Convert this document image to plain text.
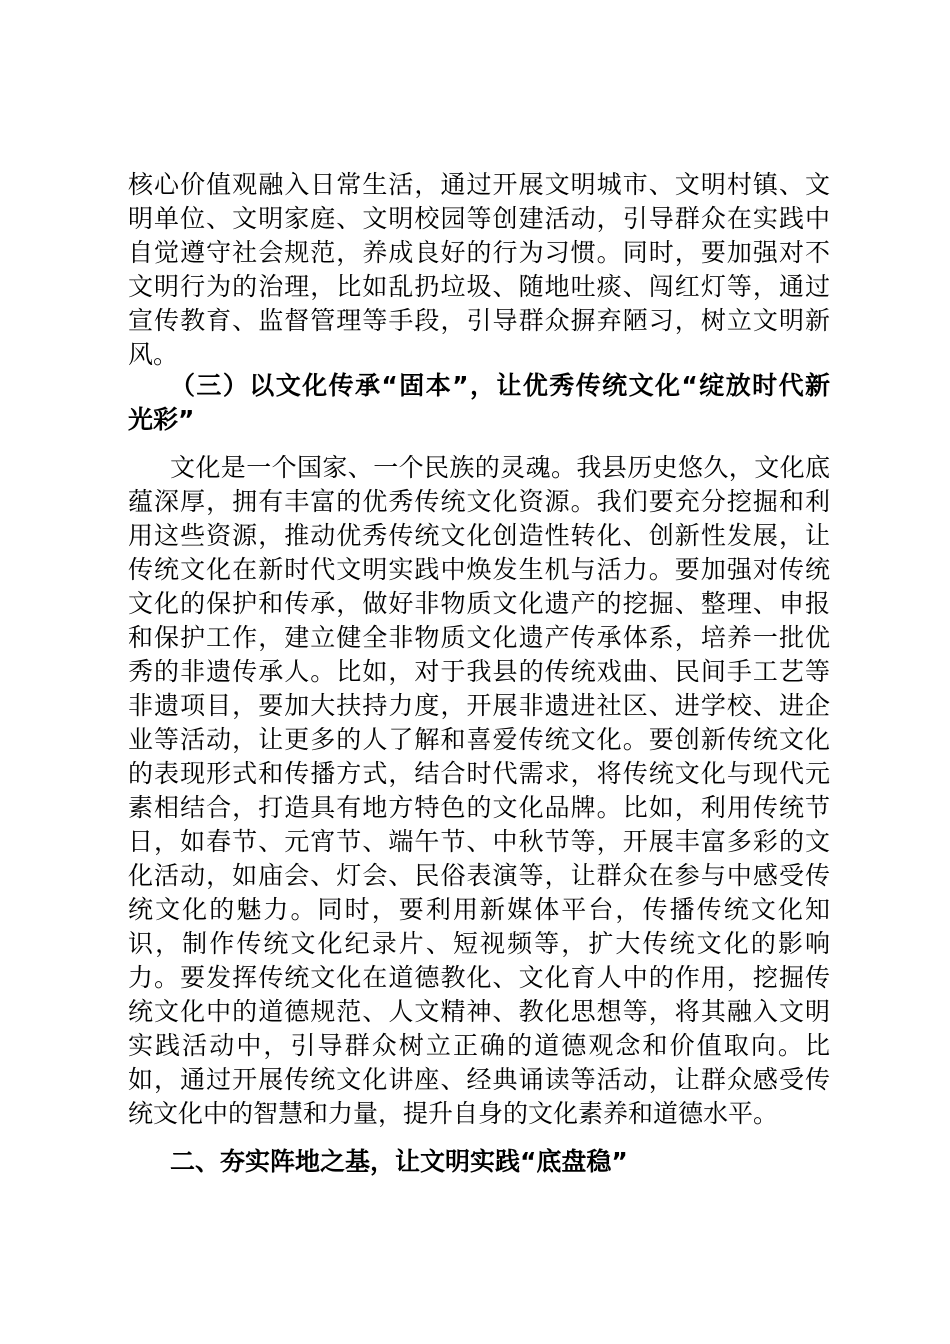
核心价值观融入日常生活，通过开展文明城市、文明村镇、文
明单位、文明家庭、文明校园等创建活动，引导群众在实践中
自觉遵守社会规范，养成良好的行为习惯。同时，要加强对不
文明行为的治理，比如乱扔垃圾、随地吐痰、闯红灯等，通过
宣传教育、监督管理等手段，引导群众摒弃陋习，树立文明新
风。
（三）以文化传承“固本”，让优秀传统文化“绽放时代新
光彩”
文化是一个国家、一个民族的灵魂。我县历史悠久，文化底
蕴深厚，拥有丰富的优秀传统文化资源。我们要充分挖掘和利
用这些资源，推动优秀传统文化创造性转化、创新性发展，让
传统文化在新时代文明实践中焕发生机与活力。要加强对传统
文化的保护和传承，做好非物质文化遗产的挖掘、整理、申报
和保护工作，建立健全非物质文化遗产传承体系，培养一批优
秀的非遗传承人。比如，对于我县的传统戏曲、民间手工艺等
非遗项目，要加大扶持力度，开展非遗进社区、进学校、进企
业等活动，让更多的人了解和喜爱传统文化。要创新传统文化
的表现形式和传播方式，结合时代需求，将传统文化与现代元
素相结合，打造具有地方特色的文化品牌。比如，利用传统节
日，如春节、元宵节、端午节、中秋节等，开展丰富多彩的文
化活动，如庙会、灯会、民俗表演等，让群众在参与中感受传
统文化的魅力。同时，要利用新媒体平台，传播传统文化知
识，制作传统文化纪录片、短视频等，扩大传统文化的影响
力。要发挥传统文化在道德教化、文化育人中的作用，挖掘传
统文化中的道德规范、人文精神、教化思想等，将其融入文明
实践活动中，引导群众树立正确的道德观念和价值取向。比
如，通过开展传统文化讲座、经典诵读等活动，让群众感受传
统文化中的智慧和力量，提升自身的文化素养和道德水平。
二、夯实阵地之基，让文明实践“底盘稳”
